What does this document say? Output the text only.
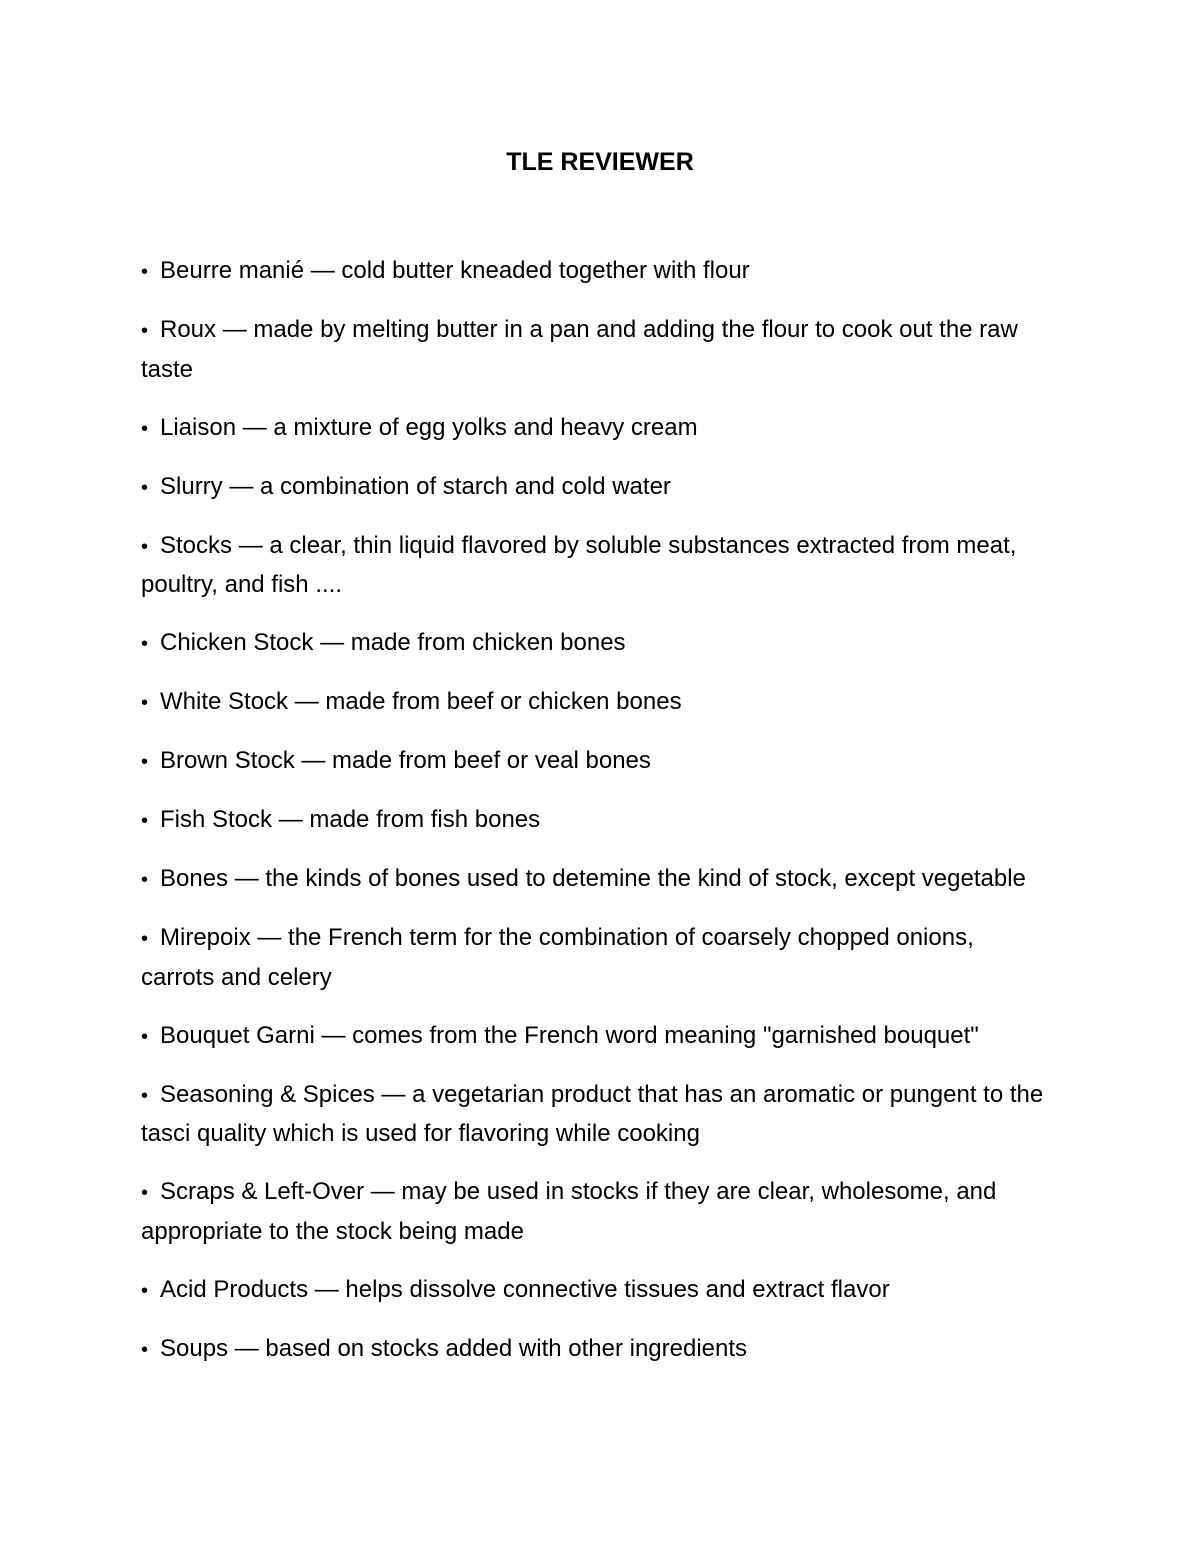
TLE REVIEWER
• Beurre manié — cold butter kneaded together with flour
• Roux — made by melting butter in a pan and adding the flour to cook out the raw taste
• Liaison — a mixture of egg yolks and heavy cream
• Slurry — a combination of starch and cold water
• Stocks — a clear, thin liquid flavored by soluble substances extracted from meat, poultry, and fish ....
• Chicken Stock — made from chicken bones
• White Stock — made from beef or chicken bones
• Brown Stock — made from beef or veal bones
• Fish Stock — made from fish bones
• Bones — the kinds of bones used to detemine the kind of stock, except vegetable
• Mirepoix — the French term for the combination of coarsely chopped onions, carrots and celery
• Bouquet Garni — comes from the French word meaning "garnished bouquet"
• Seasoning & Spices — a vegetarian product that has an aromatic or pungent to the tasci quality which is used for flavoring while cooking
• Scraps & Left-Over — may be used in stocks if they are clear, wholesome, and appropriate to the stock being made
• Acid Products — helps dissolve connective tissues and extract flavor
• Soups — based on stocks added with other ingredients
